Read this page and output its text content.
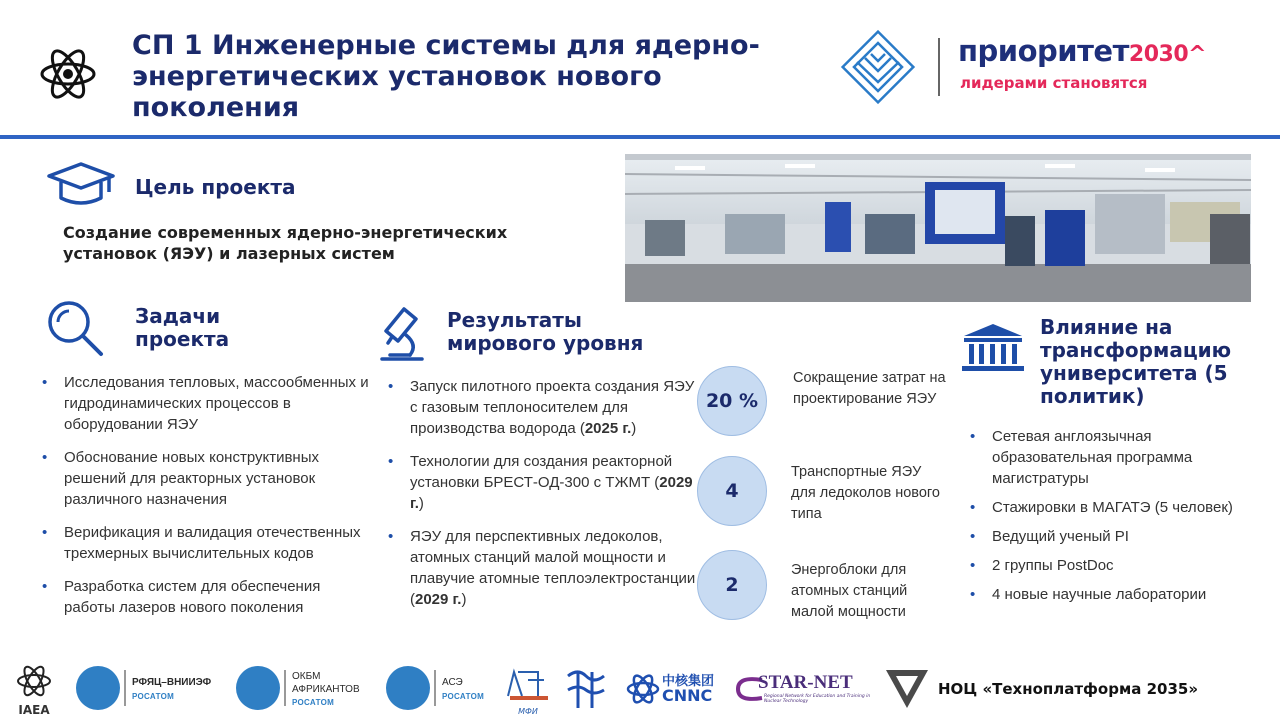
СП 1 Инженерные системы для ядерно-энергетических установок нового поколения
приоритет2030^
лидерами становятся
Цель проекта
Создание современных ядерно-энергетических установок (ЯЭУ) и лазерных систем
Задачи проекта
• Исследования тепловых, массообменных и гидродинамических процессов в оборудовании ЯЭУ
• Обоснование новых конструктивных решений для реакторных установок различного назначения
• Верификация и валидация отечественных трехмерных вычислительных кодов
• Разработка систем для обеспечения работы лазеров нового поколения
Результаты мирового уровня
• Запуск пилотного проекта создания ЯЭУ с газовым теплоносителем для производства водорода (2025 г.)
• Технологии для создания реакторной установки БРЕСТ-ОД-300 с ТЖМТ (2029 г.)
• ЯЭУ для перспективных ледоколов, атомных станций малой мощности и плавучие атомные теплоэлектростанции (2029 г.)
20 %
Сокращение затрат на проектирование ЯЭУ
4
Транспортные ЯЭУ для ледоколов нового типа
2
Энергоблоки для атомных станций малой мощности
Влияние на трансформацию университета (5 политик)
• Сетевая англоязычная образовательная программа магистратуры
• Стажировки в МАГАТЭ (5 человек)
• Ведущий ученый PI
• 2 группы PostDoc
• 4 новые научные лаборатории
IAEA
РФЯЦ–ВНИИЭФ
РОСАТОМ
ОКБМ АФРИКАНТОВ
РОСАТОМ
АСЭ
РОСАТОМ
МФИ
中核集团
CNNC
STAR-NET
Regional Network for Education and Training in Nuclear Technology
НОЦ «Технoплатформа 2035»
